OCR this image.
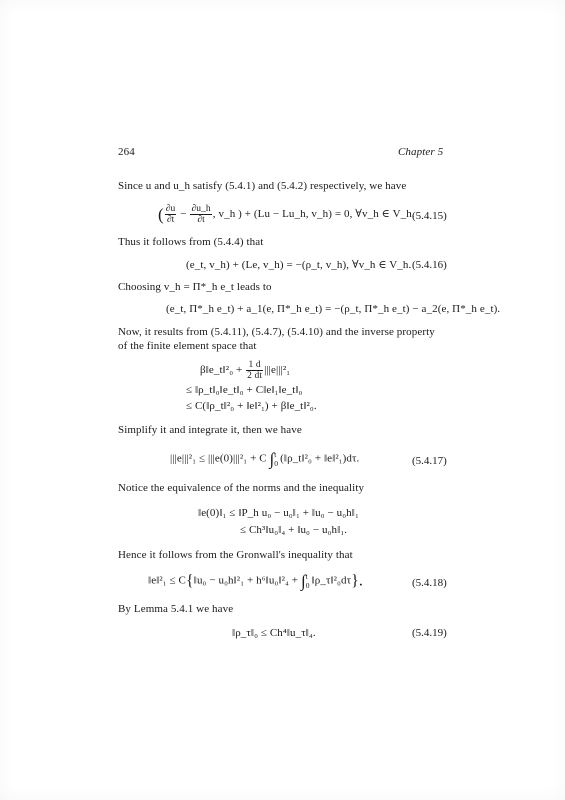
264	Chapter 5
Since u and u_h satisfy (5.4.1) and (5.4.2) respectively, we have
( $\frac{\partial u}{\partial t} - \frac{\partial u\_h}{\partial t}$ , v_h ) + (Lu − Lu_h, v_h) = 0, ∀v_h ∈ V_h.
(5.4.15)
Thus it follows from (5.4.4) that
(e_t, v_h) + (Le, v_h) = −(ρ_t, v_h), ∀v_h ∈ V_h. (5.4.16)
Choosing v_h = Π*_h e_t leads to
(e_t, Π*_h e_t) + a_1(e, Π*_h e_t) = −(ρ_t, Π*_h e_t) − a_2(e, Π*_h e_t).
Now, it results from (5.4.11), (5.4.7), (5.4.10) and the inverse property
of the finite element space that
β‖e_t‖²₀ + $\frac{1 d}{2 dt} |||e|||^2_1$
≤ ‖ρ_t‖₀‖e_t‖₀ + C‖e‖₁‖e_t‖₀
≤ C(‖ρ_t‖²₀ + ‖e‖²₁) + β‖e_t‖²₀.
Simplify it and integrate it, then we have
|||e|||²₁ ≤ |||e(0)|||²₁ + C ∫ t
0 (‖ρ_t‖²₀ + ‖e‖²₁)dτ.	(5.4.17)
Notice the equivalence of the norms and the inequality
‖e(0)‖₁ ≤ ‖P_h u₀ − u₀‖₁ + ‖u₀ − u₀h‖₁
≤ Ch³‖u₀‖₄ + ‖u₀ − u₀h‖₁.
Hence it follows from the Gronwall's inequality that
‖e‖²₁ ≤ C{‖u₀ − u₀h‖²₁ + h⁶‖u₀‖²₄ + ∫ t
0 ‖ρ_τ‖²₀dτ}.	(5.4.18)
By Lemma 5.4.1 we have
‖ρ_τ‖₀ ≤ Ch⁴‖u_τ‖₄.	(5.4.19)
